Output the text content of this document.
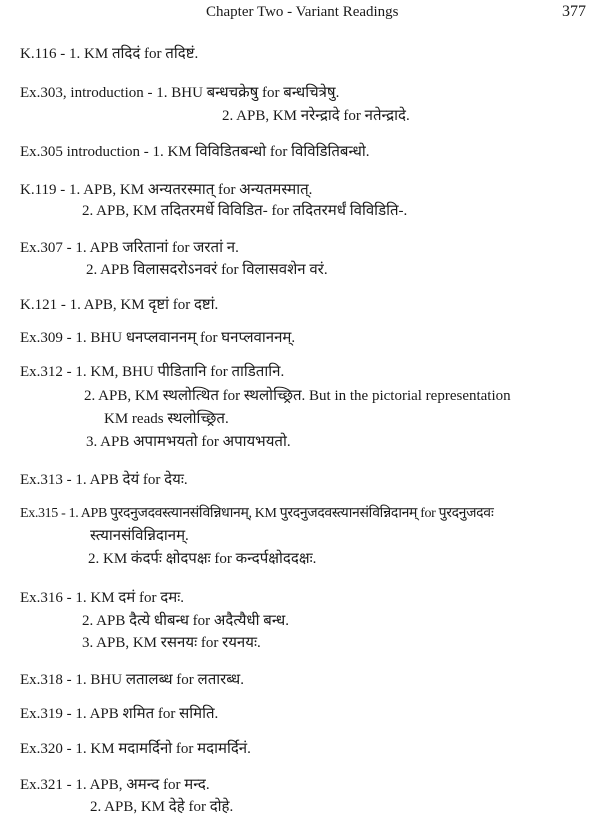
Chapter Two - Variant Readings	377
K.116 - 1. KM तदिदं for तदिष्टं.
Ex.303, introduction - 1. BHU बन्धचक्रेषु for बन्धचित्रेषु.
2. APB, KM नरेन्द्रादे for नतेन्द्रादे.
Ex.305 introduction - 1. KM विविडितबन्धो for विविडितिबन्धो.
K.119 - 1. APB, KM अन्यतरस्मात् for अन्यतमस्मात्.
2. APB, KM तदितरमर्धे विविडित- for तदितरमर्धं विविडिति-.
Ex.307 - 1. APB जरितानां for जरतां न.
2. APB विलासदरोऽनवरं for विलासवशेन वरं.
K.121 - 1. APB, KM दृष्टां for दष्टां.
Ex.309 - 1. BHU धनप्लवाननम् for घनप्लवाननम्.
Ex.312 - 1. KM, BHU पीडितानि for ताडितानि.
2. APB, KM स्थलोत्थित for स्थलोच्छ्रित. But in the pictorial representation
KM reads स्थलोच्छ्रित.
3. APB अपामभयतो for अपायभयतो.
Ex.313 - 1. APB देयं for देयः.
Ex.315 - 1. APB पुरदनुजदवस्त्यानसंविन्निधानम्, KM पुरदनुजदवस्त्यानसंविन्निदानम् for पुरदनुजदवः
स्त्यानसंविन्निदानम्.
2. KM कंदर्पः क्षोदपक्षः for कन्दर्पक्षोददक्षः.
Ex.316 - 1. KM दमं for दमः.
2. APB दैत्ये धीबन्ध for अदैत्यैधी बन्ध.
3. APB, KM रसनयः for रयनयः.
Ex.318 - 1. BHU लतालब्ध for लतारब्ध.
Ex.319 - 1. APB शमित for समिति.
Ex.320 - 1. KM मदामर्दिनो for मदामर्दिनं.
Ex.321 - 1. APB, अमन्द for मन्द.
2. APB, KM देहे for दोहे.
